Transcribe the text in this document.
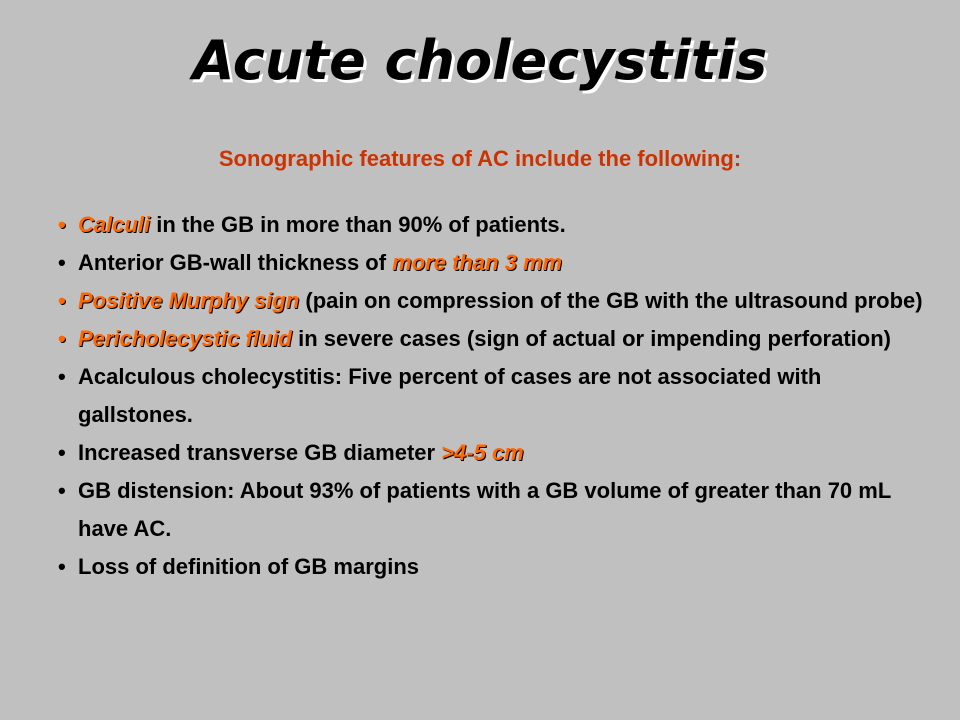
Acute cholecystitis
Sonographic features of AC include the following:
• Calculi in the GB in more than 90% of patients.
• Anterior GB-wall thickness of more than 3 mm
• Positive Murphy sign (pain on compression of the GB with the ultrasound probe)
• Pericholecystic fluid in severe cases (sign of actual or impending perforation)
• Acalculous cholecystitis: Five percent of cases are not associated with gallstones.
• Increased transverse GB diameter >4-5 cm
• GB distension: About 93% of patients with a GB volume of greater than 70 mL have AC.
• Loss of definition of GB margins
